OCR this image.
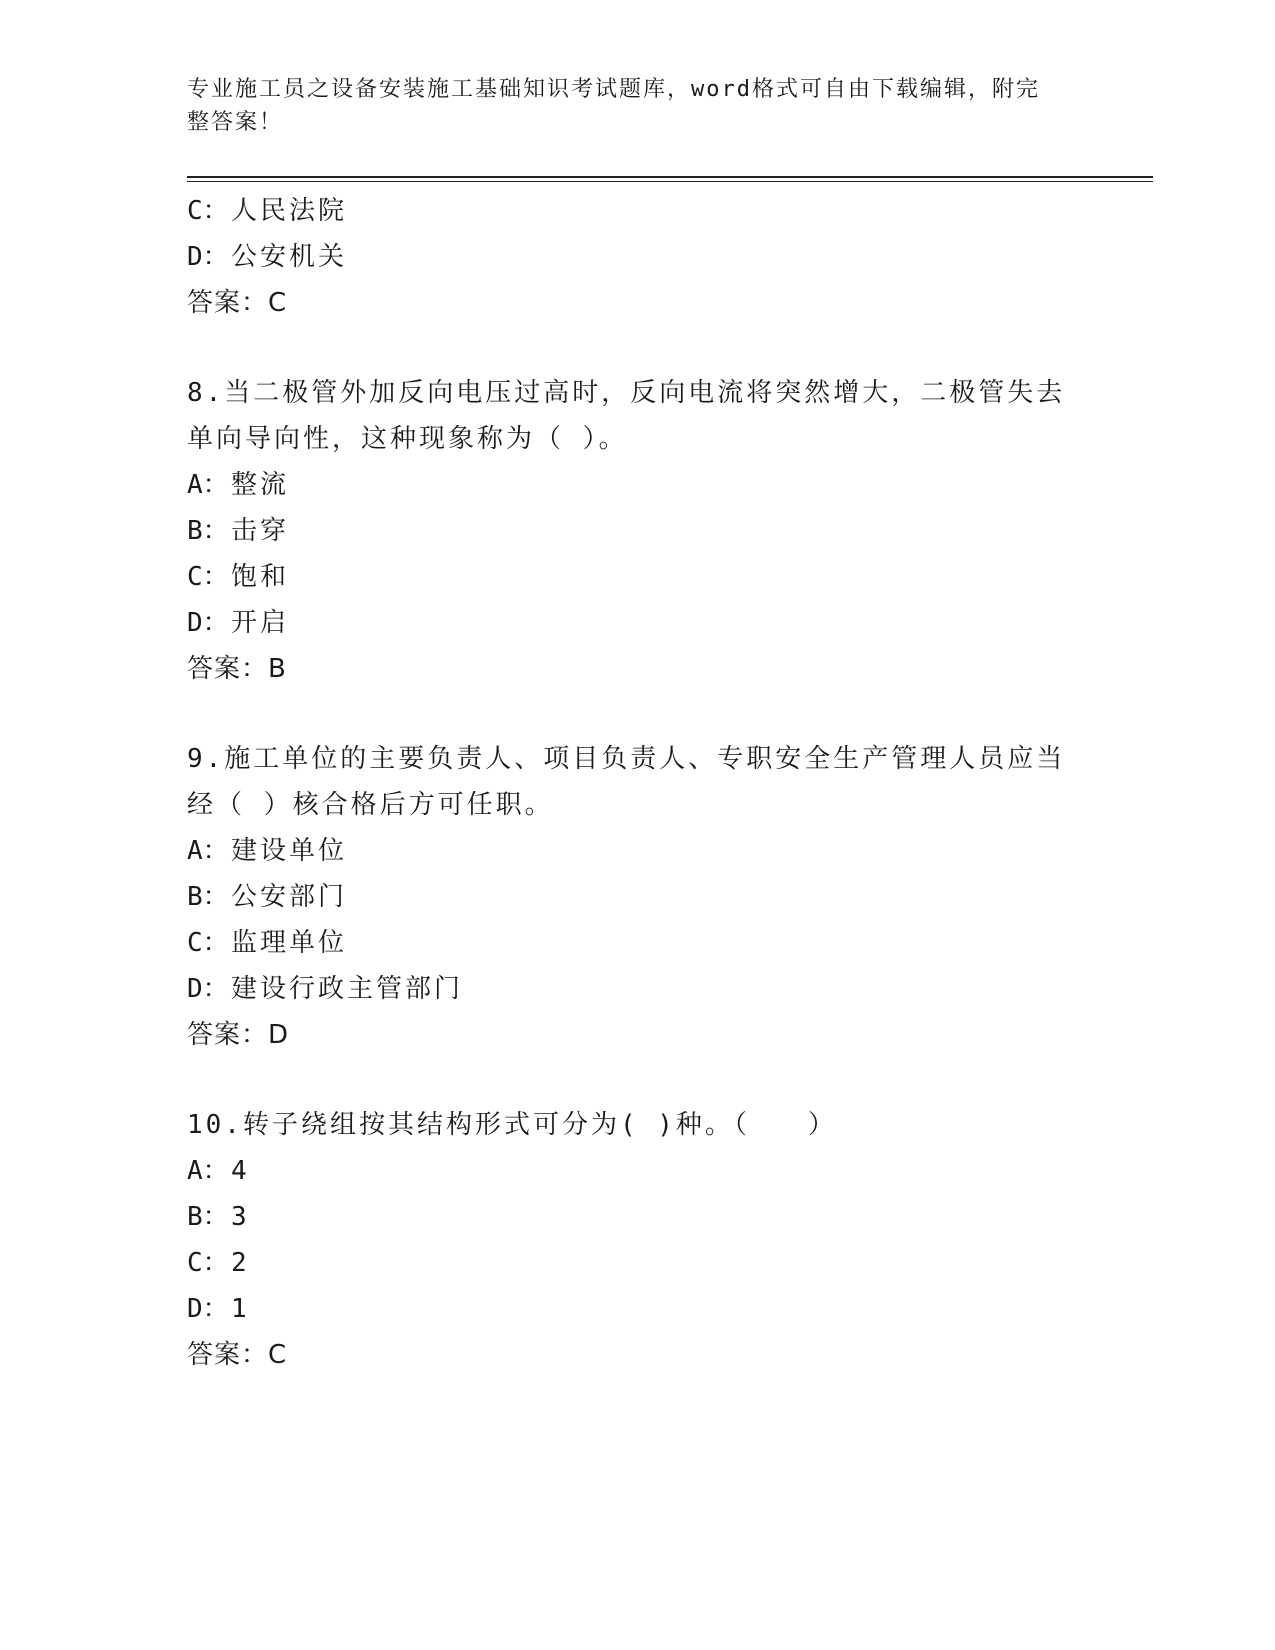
专业施工员之设备安装施工基础知识考试题库，word格式可自由下载编辑，附完
整答案！
C：人民法院
D：公安机关
答案：C
8.当二极管外加反向电压过高时，反向电流将突然增大，二极管失去
单向导向性，这种现象称为（ ）。
A：整流
B：击穿
C：饱和
D：开启
答案：B
9.施工单位的主要负责人、项目负责人、专职安全生产管理人员应当
经（ ）核合格后方可任职。
A：建设单位
B：公安部门
C：监理单位
D：建设行政主管部门
答案：D
10.转子绕组按其结构形式可分为( )种。（　　）
A：4
B：3
C：2
D：1
答案：C
